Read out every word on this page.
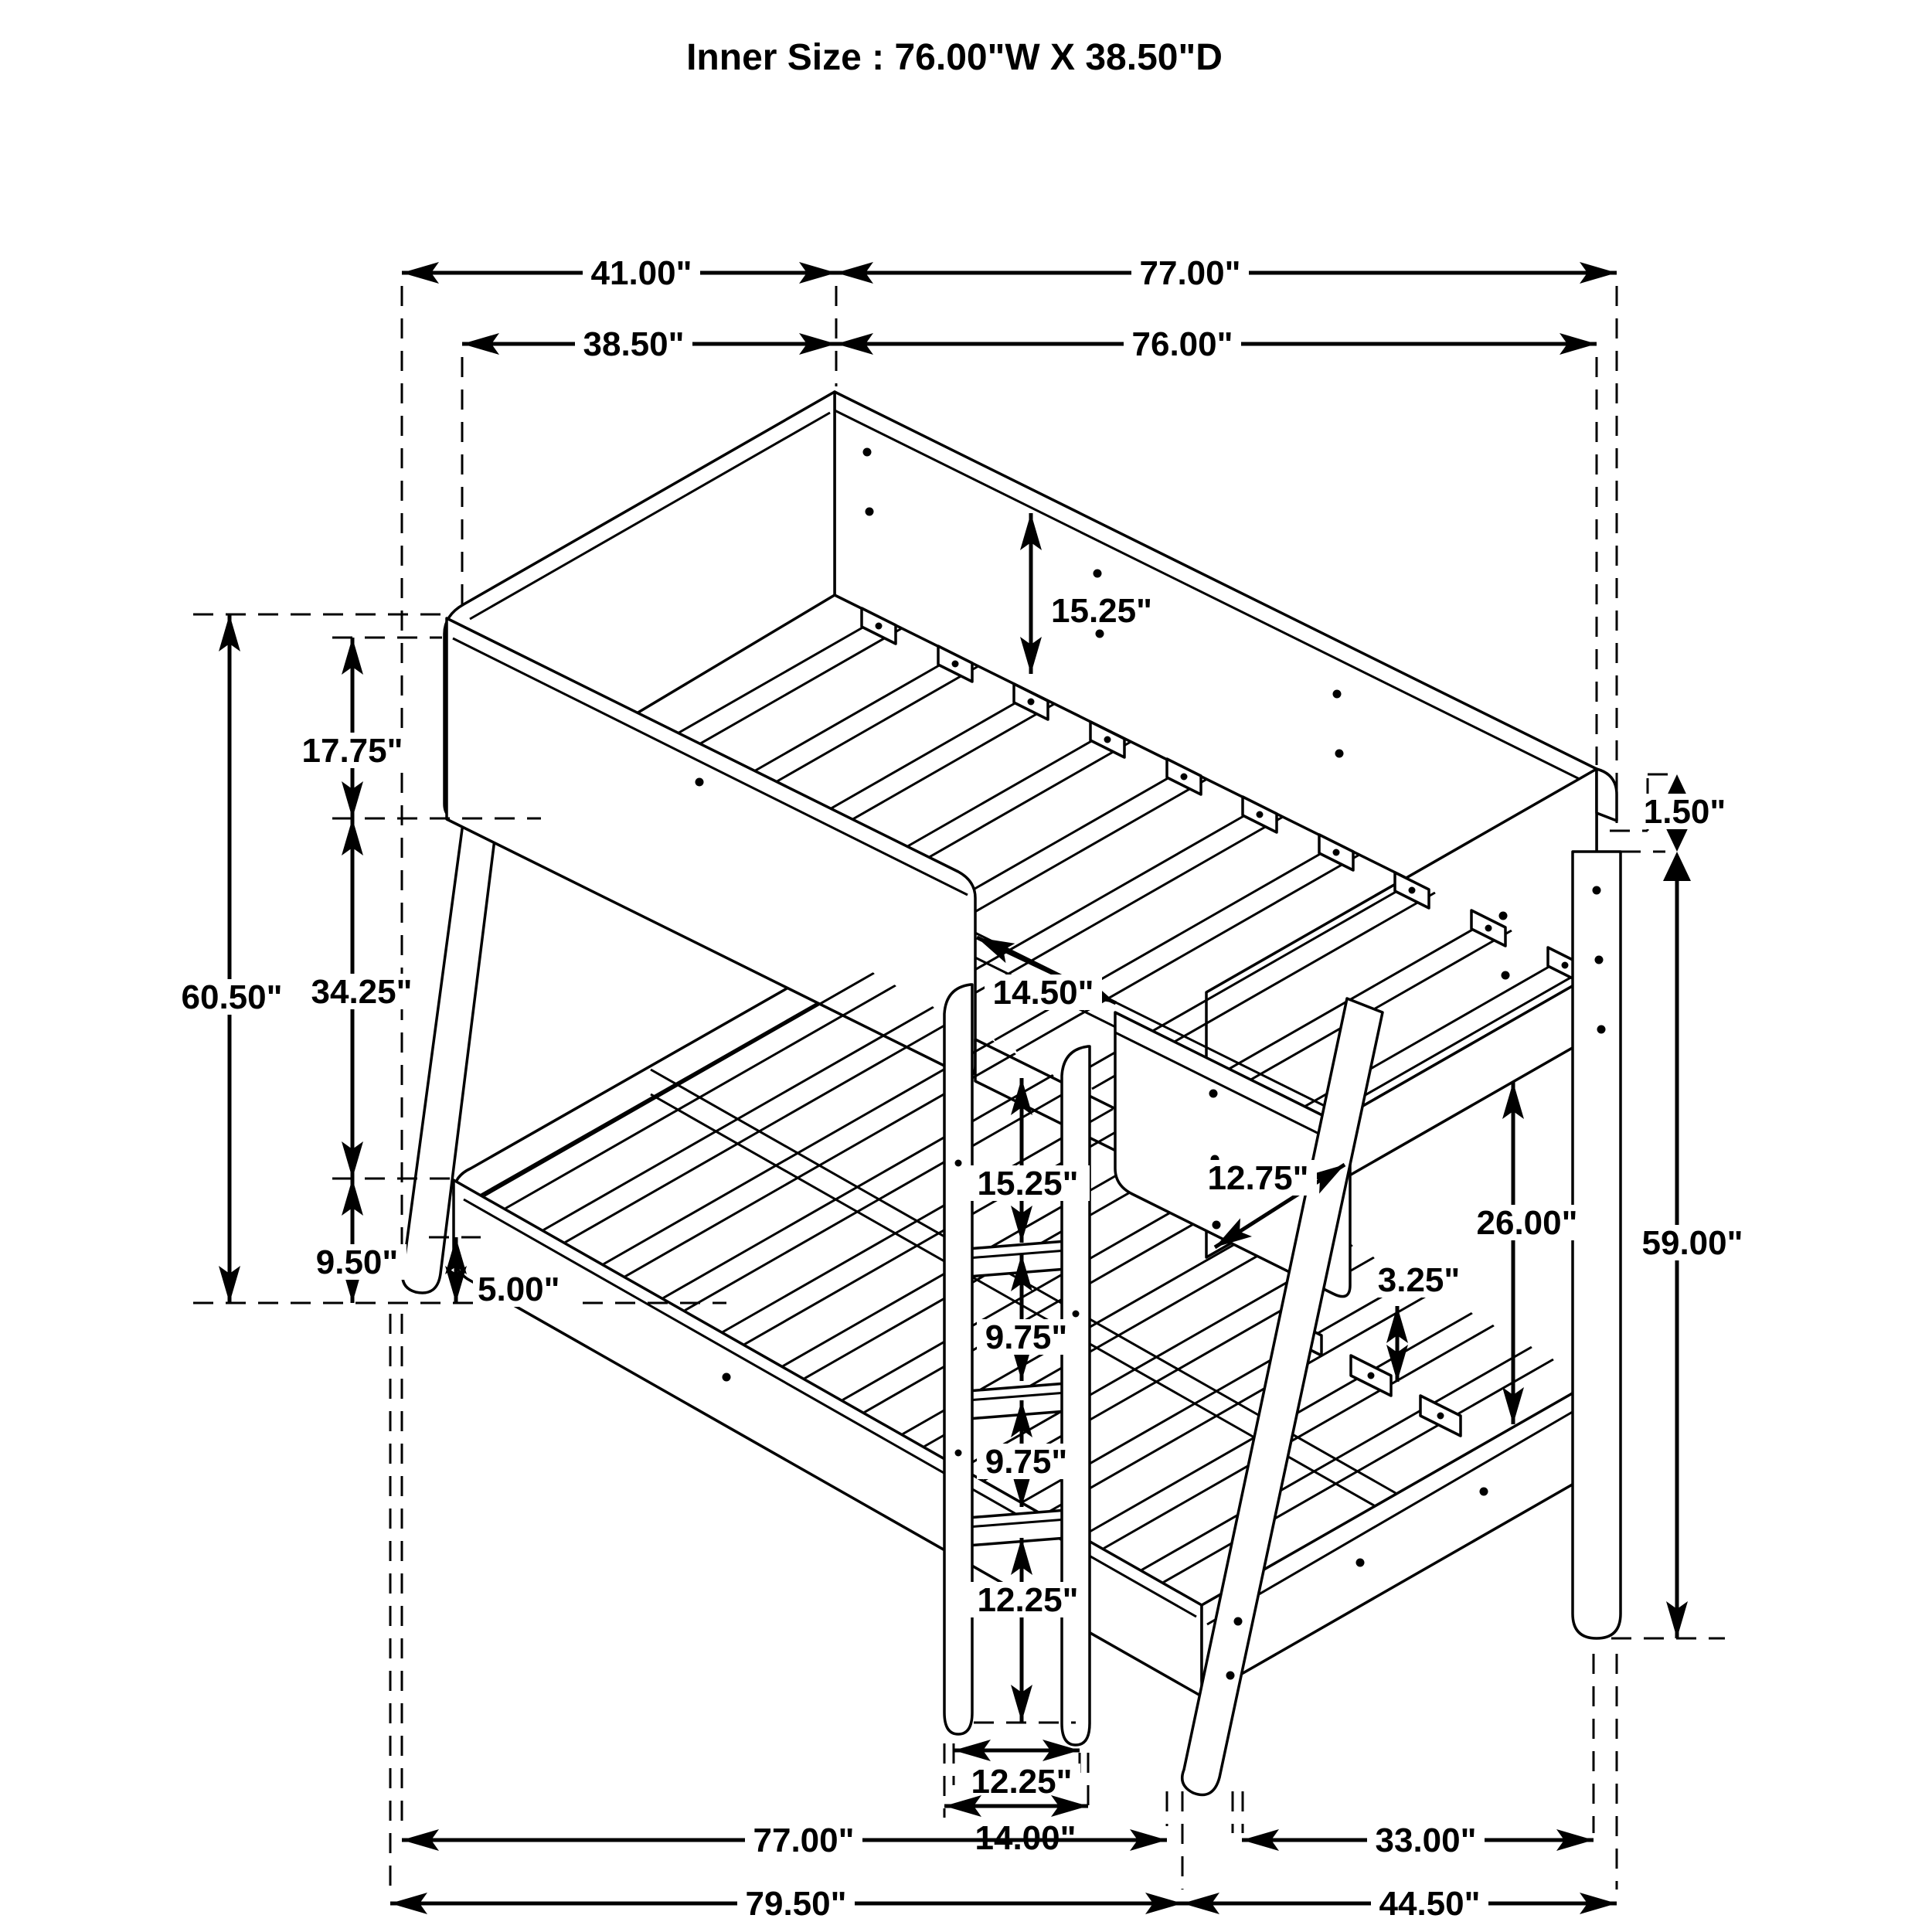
Inner Size : 76.00"W X 38.50"D
41.00"	77.00"
38.50"	76.00"
15.25"
60.50"
17.75"
34.25"
9.50"
5.00"
14.50"
12.75"
15.25"
9.75"
9.75"
12.25"
12.25"
14.00"
3.25"
26.00"
1.50"
59.00"
77.00"	33.00"
79.50"	44.50"
